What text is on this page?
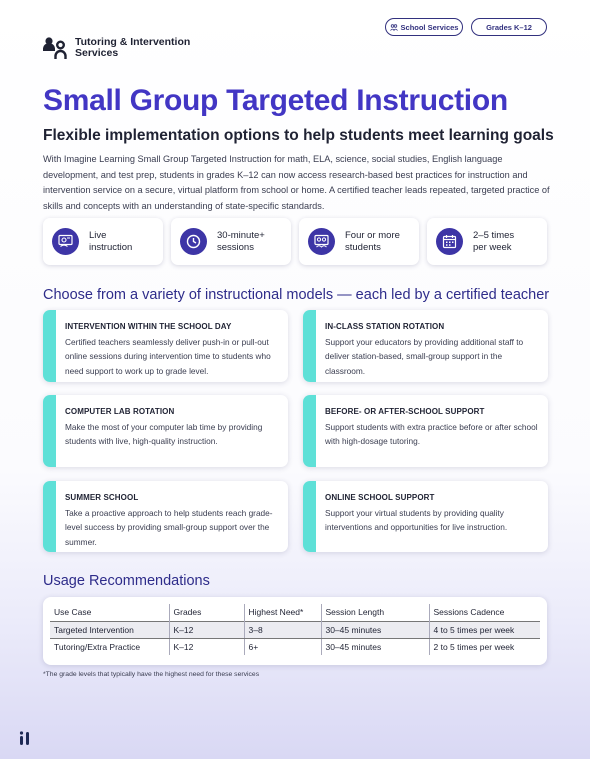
School Services	Grades K–12
Tutoring & Intervention
Services
Small Group Targeted Instruction
Flexible implementation options to help students meet learning goals

With Imagine Learning Small Group Targeted Instruction for math, ELA, science, social studies, English language development, and test prep, students in grades K–12 can now access research-based best practices for instruction and intervention service on a secure, virtual platform from school or home. A certified teacher leads repeated, targeted practice of skills and concepts with an understanding of state-specific standards.

Live
instruction
30-minute+
sessions
Four or more
students
2–5 times
per week
Choose from a variety of instructional models — each led by a certified teacher
INTERVENTION WITHIN THE SCHOOL DAY
Certified teachers seamlessly deliver push-in or pull-out online sessions during intervention time to students who need support to work up to grade level.
IN-CLASS STATION ROTATION
Support your educators by providing additional staff to deliver station-based, small-group support in the classroom.
COMPUTER LAB ROTATION
Make the most of your computer lab time by providing students with live, high-quality instruction.
BEFORE- OR AFTER-SCHOOL SUPPORT
Support students with extra practice before or after school with high-dosage tutoring.
SUMMER SCHOOL
Take a proactive approach to help students reach grade-level success by providing small-group support over the summer.
ONLINE SCHOOL SUPPORT
Support your virtual students by providing quality interventions and opportunities for live instruction.
Usage Recommendations
Use Case	Grades	Highest Need*	Session Length	Sessions Cadence
Targeted Intervention	K–12	3–8	30–45 minutes	4 to 5 times per week
Tutoring/Extra Practice	K–12	6+	30–45 minutes	2 to 5 times per week

*The grade levels that typically have the highest need for these services
